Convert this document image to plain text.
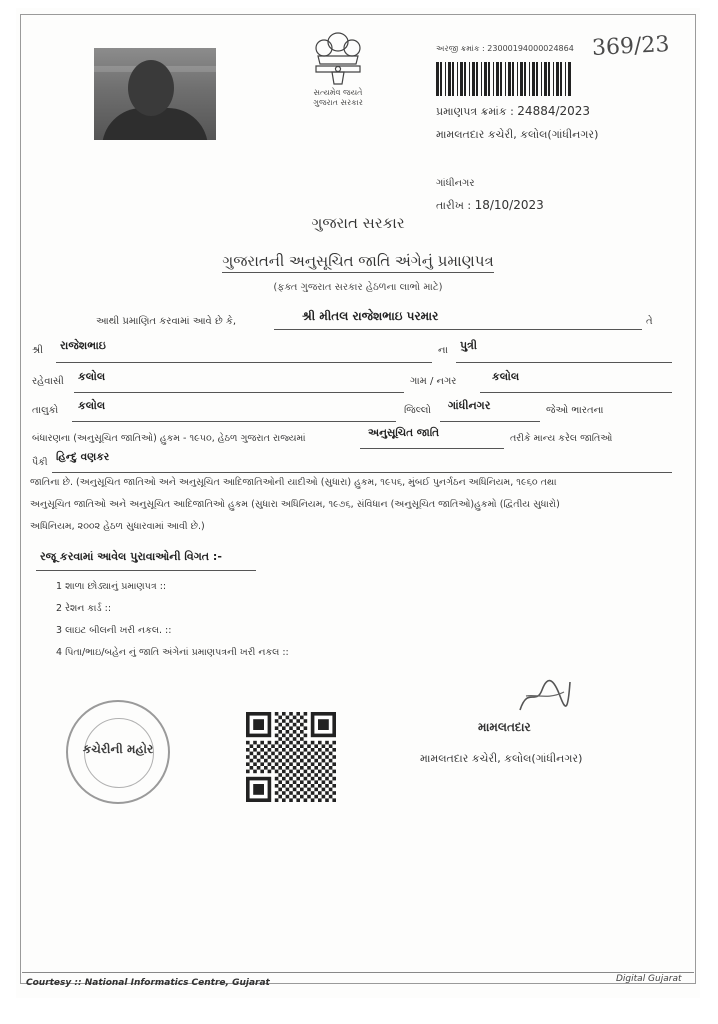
સત્યમેવ જયતે
ગુજરાત સરકાર
અરજી ક્રમાંક : 23000194000024864 369/23
પ્રમાણપત્ર ક્રમાંક : 24884/2023
મામલતદાર કચેરી, કલોલ(ગાંધીનગર)
ગાંધીનગર
તારીખ : 18/10/2023
ગુજરાત સરકાર
ગુજરાતની અનુસૂચિત જાતિ અંગેનું પ્રમાણપત્ર
(ફક્ત ગુજરાત સરકાર હેઠળના લાભો માટે)
આથી પ્રમાણિત કરવામાં આવે છે કે,	શ્રી મીતલ રાજેશભાઇ પરમાર	તે
શ્રી રાજેશભાઇ	ના પુત્રી
રહેવાસી કલોલ	ગામ / નગર	કલોલ
તાલુકો કલોલ	જિલ્લો ગાંધીનગર	જેઓ ભારતના
બંધારણના (અનુસૂચિત જાતિઓ) હુકમ - ૧૯૫૦, હેઠળ ગુજરાત રાજ્યમાં	અનુસૂચિત જાતિ	તરીકે માન્ય કરેલ જાતિઓ
પૈકી હિન્દુ વણકર
જાતિના છે. (અનુસૂચિત જાતિઓ અને અનુસૂચિત આદિજાતિઓની યાદીઓ (સુધારા) હુકમ, ૧૯૫૬, મુંબઈ પુનર્ગઠન અધિનિયમ, ૧૯૬૦ તથા
અનુસૂચિત જાતિઓ અને અનુસૂચિત આદિજાતિઓ હુકમ (સુધારા અધિનિયમ, ૧૯૭૬, સંવિધાન (અનુસૂચિત જાતિઓ)હુકમો (દ્વિતીય સુધારો)
અધિનિયમ, ૨૦૦૨ હેઠળ સુધારવામાં આવી છે.)
રજૂ કરવામાં આવેલ પુરાવાઓની વિગત :-
1 શાળા છોડ્યાનું પ્રમાણપત્ર ::
2 રેશન કાર્ડ ::
3 લાઇટ બીલની ખરી નકલ. ::
4 પિતા/ભાઇ/બહેન નું જાતિ અંગેનાં પ્રમાણપત્રની ખરી નકલ ::
કચેરીની મહોર
મામલતદાર
મામલતદાર કચેરી, કલોલ(ગાંધીનગર)
Courtesy :: National Informatics Centre, Gujarat	Digital Gujarat
